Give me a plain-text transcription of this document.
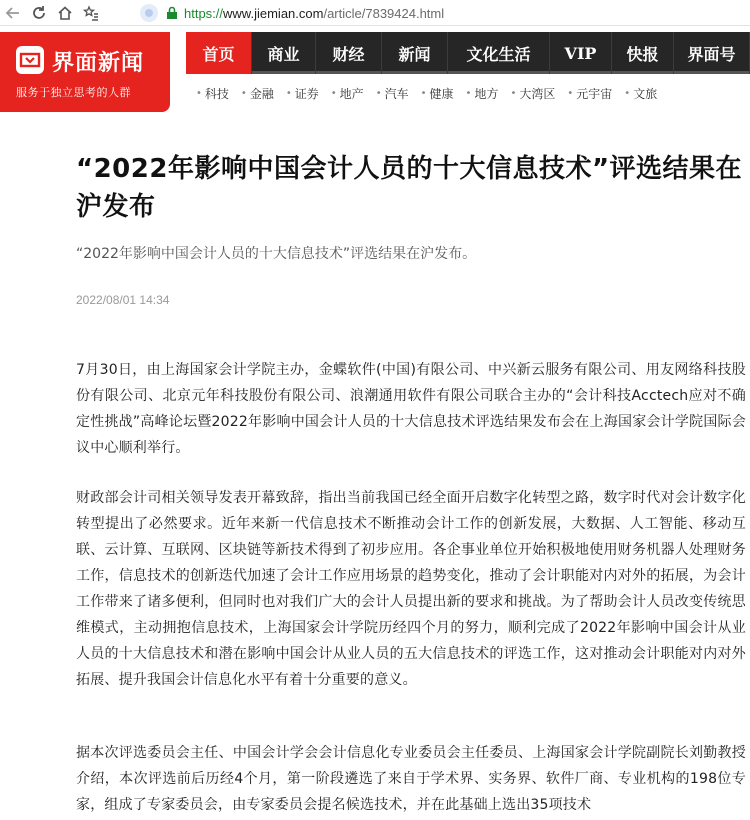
https:// www.jiemian.com /article/7839424.html
界面新闻
服务于独立思考的人群
首页	商业	财经	新闻	文化生活	VIP	快报	界面号
• 科技 • 金融 • 证券 • 地产 • 汽车 • 健康 • 地方 • 大湾区 • 元宇宙 • 文旅
“2022年影响中国会计人员的十大信息技术”评选结果在沪发布
“2022年影响中国会计人员的十大信息技术”评选结果在沪发布。
2022/08/01 14:34

7月30日，由上海国家会计学院主办，金蝶软件(中国)有限公司、中兴新云服务有限公司、用友网络科技股份有限公司、北京元年科技股份有限公司、浪潮通用软件有限公司联合主办的“会计科技Acctech应对不确定性挑战”高峰论坛暨2022年影响中国会计人员的十大信息技术评选结果发布会在上海国家会计学院国际会议中心顺利举行。

财政部会计司相关领导发表开幕致辞，指出当前我国已经全面开启数字化转型之路，数字时代对会计数字化转型提出了必然要求。近年来新一代信息技术不断推动会计工作的创新发展，大数据、人工智能、移动互联、云计算、互联网、区块链等新技术得到了初步应用。各企事业单位开始积极地使用财务机器人处理财务工作，信息技术的创新迭代加速了会计工作应用场景的趋势变化，推动了会计职能对内对外的拓展，为会计工作带来了诸多便利，但同时也对我们广大的会计人员提出新的要求和挑战。为了帮助会计人员改变传统思维模式，主动拥抱信息技术，上海国家会计学院历经四个月的努力，顺利完成了2022年影响中国会计从业人员的十大信息技术和潜在影响中国会计从业人员的五大信息技术的评选工作，这对推动会计职能对内对外拓展、提升我国会计信息化水平有着十分重要的意义。

据本次评选委员会主任、中国会计学会会计信息化专业委员会主任委员、上海国家会计学院副院长刘勤教授介绍，本次评选前后历经4个月，第一阶段遴选了来自于学术界、实务界、软件厂商、专业机构的198位专家，组成了专家委员会，由专家委员会提名候选技术，并在此基础上选出35项技术
